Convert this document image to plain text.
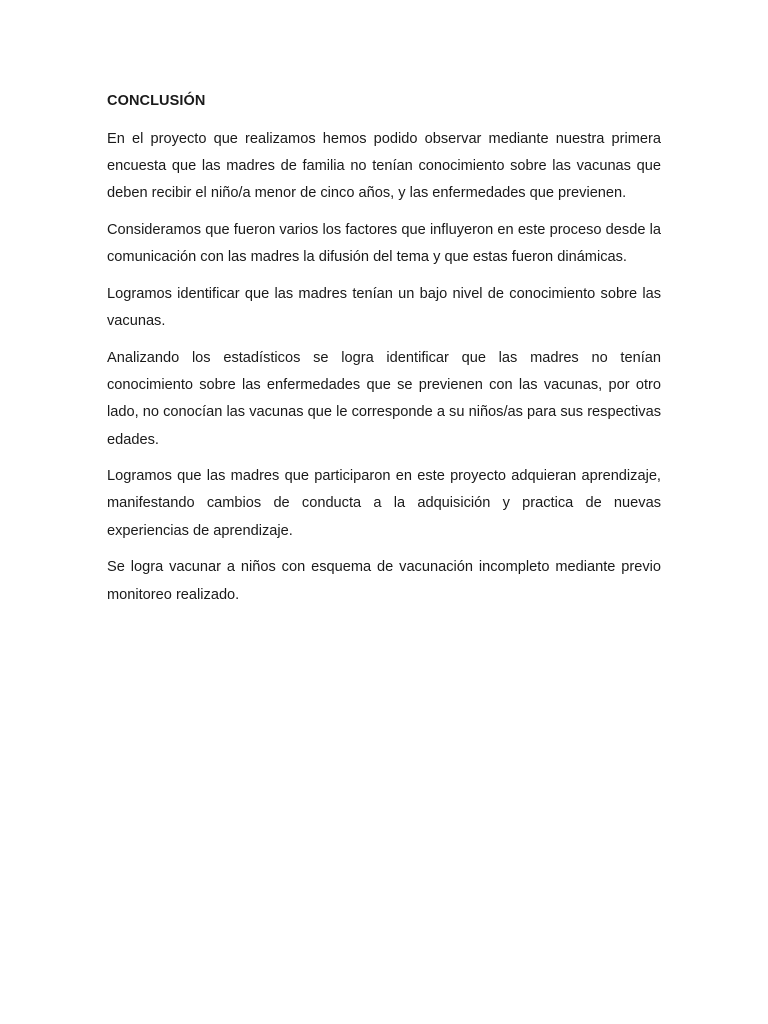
CONCLUSIÓN

En el proyecto que realizamos hemos podido observar mediante nuestra primera encuesta que las madres de familia no tenían conocimiento sobre las vacunas que deben recibir el niño/a menor de cinco años, y las enfermedades que previenen.

Consideramos que fueron varios los factores que influyeron en este proceso desde la comunicación con las madres la difusión del tema y que estas fueron dinámicas.

Logramos identificar que las madres tenían un bajo nivel de conocimiento sobre las vacunas.

Analizando los estadísticos se logra identificar que las madres no tenían conocimiento sobre las enfermedades que se previenen con las vacunas, por otro lado, no conocían las vacunas que le corresponde a su niños/as para sus respectivas edades.

Logramos que las madres que participaron en este proyecto adquieran aprendizaje, manifestando cambios de conducta a la adquisición y practica de nuevas experiencias de aprendizaje.

Se logra vacunar a niños con esquema de vacunación incompleto mediante previo monitoreo realizado.
